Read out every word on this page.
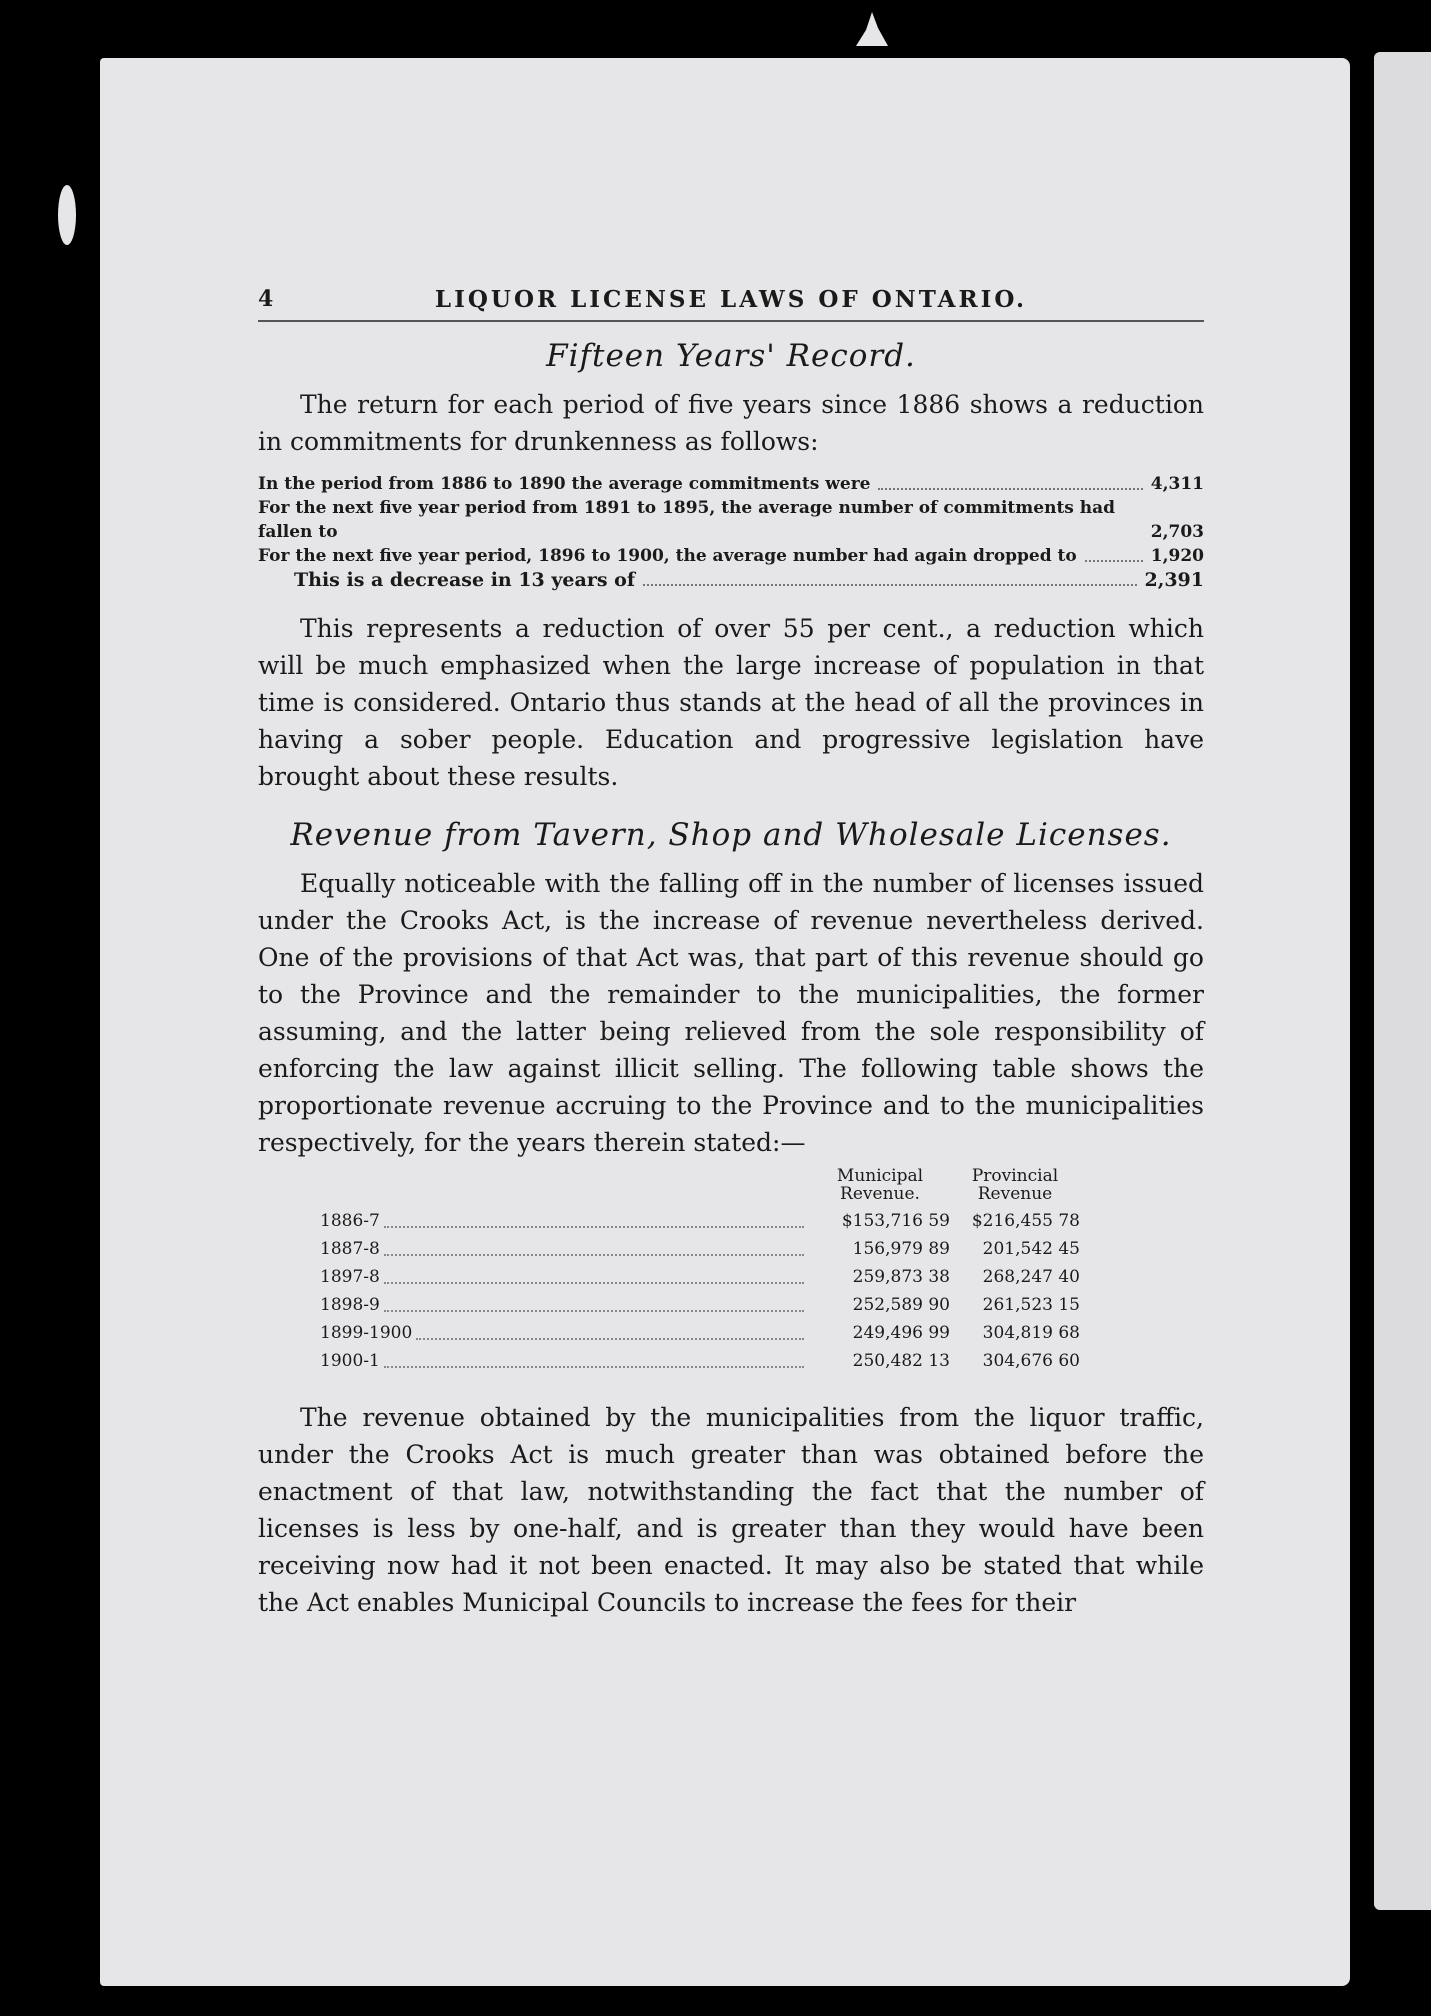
4	LIQUOR LICENSE LAWS OF ONTARIO.
Fifteen Years' Record.

The return for each period of five years since 1886 shows a reduction in commitments for drunkenness as follows:

In the period from 1886 to 1890 the average commitments were	4,311
For the next five year period from 1891 to 1895, the average number of commitments had fallen to	2,703
For the next five year period, 1896 to 1900, the average number had again dropped to	1,920
This is a decrease in 13 years of	2,391

This represents a reduction of over 55 per cent., a reduction which will be much emphasized when the large increase of population in that time is considered. Ontario thus stands at the head of all the provinces in having a sober people. Education and progressive legislation have brought about these results.

Revenue from Tavern, Shop and Wholesale Licenses.

Equally noticeable with the falling off in the number of licenses issued under the Crooks Act, is the increase of revenue nevertheless derived. One of the provisions of that Act was, that part of this revenue should go to the Province and the remainder to the municipalities, the former assuming, and the latter being relieved from the sole responsibility of enforcing the law against illicit selling. The following table shows the proportionate revenue accruing to the Province and to the municipalities respectively, for the years therein stated:—

	Municipal Revenue.	Provincial Revenue

1886-7	$153,716 59	$216,455 78

1887-8	156,979 89	201,542 45

1897-8	259,873 38	268,247 40

1898-9	252,589 90	261,523 15

1899-1900	249,496 99	304,819 68

1900-1	250,482 13	304,676 60

The revenue obtained by the municipalities from the liquor traffic, under the Crooks Act is much greater than was obtained before the enactment of that law, notwithstanding the fact that the number of licenses is less by one-half, and is greater than they would have been receiving now had it not been enacted. It may also be stated that while the Act enables Municipal Councils to increase the fees for their
